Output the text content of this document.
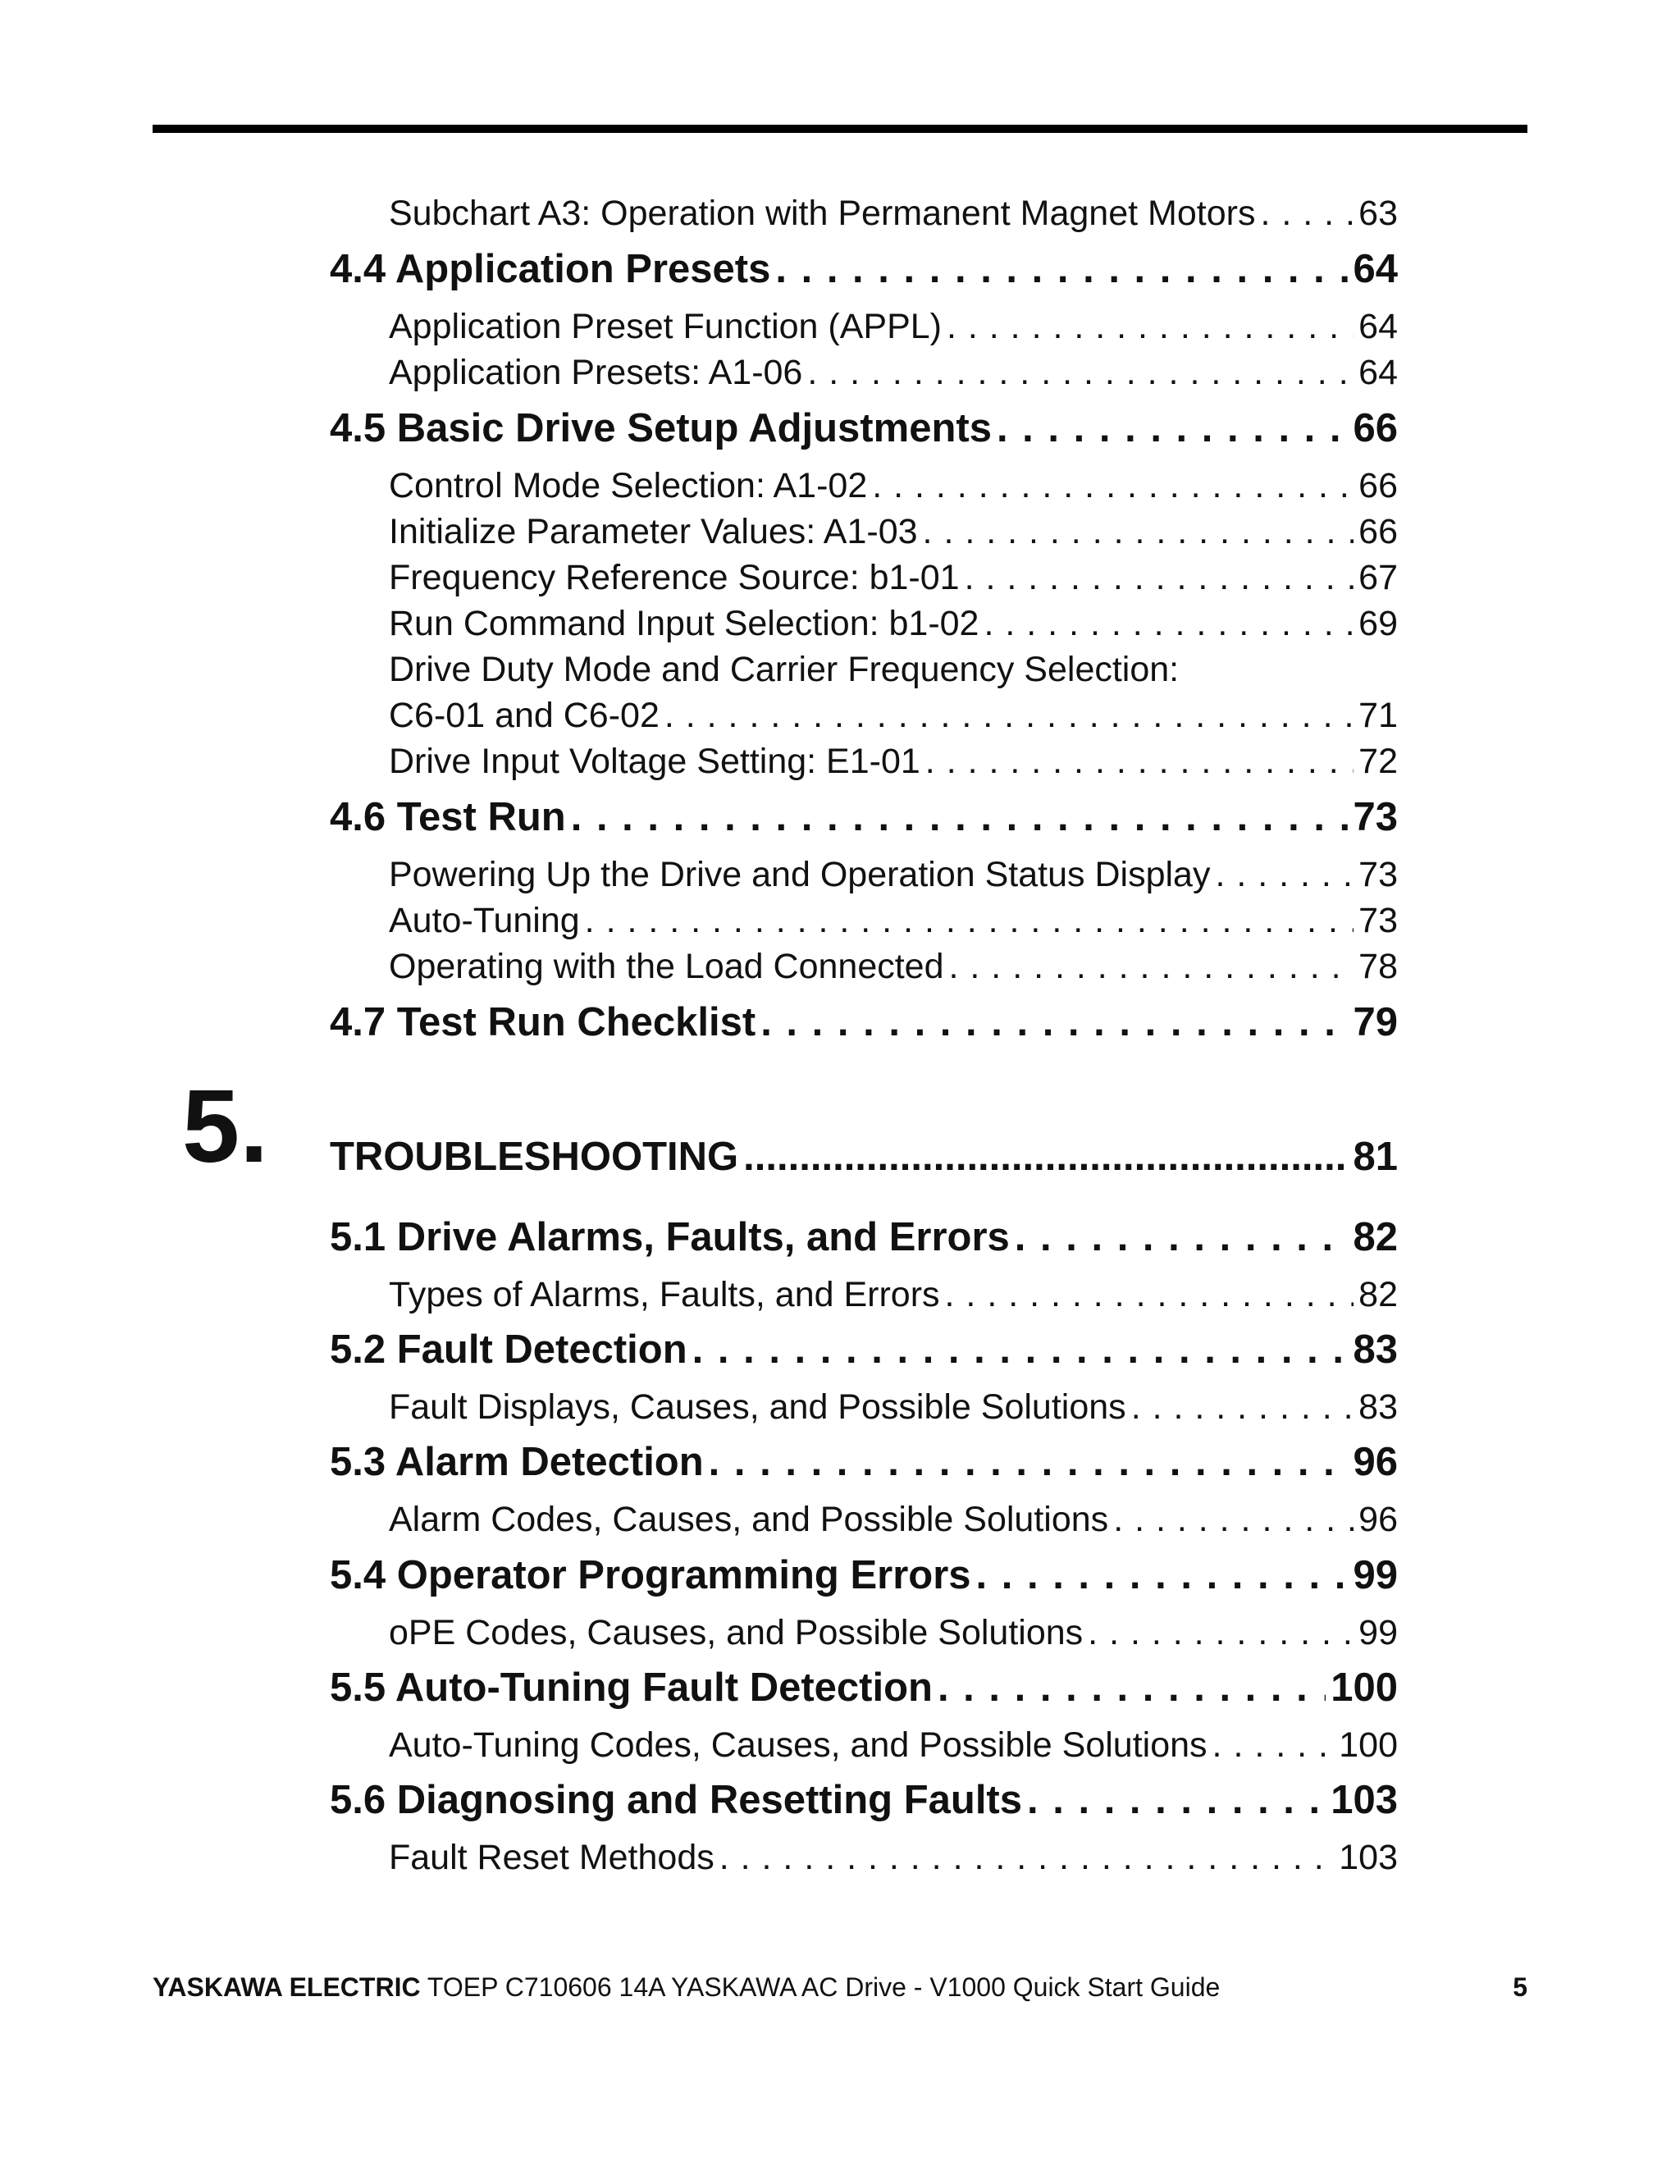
Subchart A3: Operation with Permanent Magnet Motors . . .	63
4.4 Application Presets . . .	64
Application Preset Function (APPL) . . .	64
Application Presets: A1-06 . . .	64
4.5 Basic Drive Setup Adjustments . . .	66
Control Mode Selection: A1-02 . . .	66
Initialize Parameter Values: A1-03 . . .	66
Frequency Reference Source: b1-01 . . .	67
Run Command Input Selection: b1-02 . . .	69
Drive Duty Mode and Carrier Frequency Selection:
C6-01 and C6-02 . . .	71
Drive Input Voltage Setting: E1-01 . . .	72
4.6 Test Run . . .	73
Powering Up the Drive and Operation Status Display . . .	73
Auto-Tuning . . .	73
Operating with the Load Connected . . .	78
4.7 Test Run Checklist . . .	79
5. TROUBLESHOOTING .....	81
5.1 Drive Alarms, Faults, and Errors . . .	82
Types of Alarms, Faults, and Errors . . .	82
5.2 Fault Detection . . .	83
Fault Displays, Causes, and Possible Solutions . . .	83
5.3 Alarm Detection . . .	96
Alarm Codes, Causes, and Possible Solutions . . .	96
5.4 Operator Programming Errors . . .	99
oPE Codes, Causes, and Possible Solutions . . .	99
5.5 Auto-Tuning Fault Detection . . .	100
Auto-Tuning Codes, Causes, and Possible Solutions . . .	100
5.6 Diagnosing and Resetting Faults . . .	103
Fault Reset Methods . . .	103
YASKAWA ELECTRIC TOEP C710606 14A YASKAWA AC Drive - V1000 Quick Start Guide	5
